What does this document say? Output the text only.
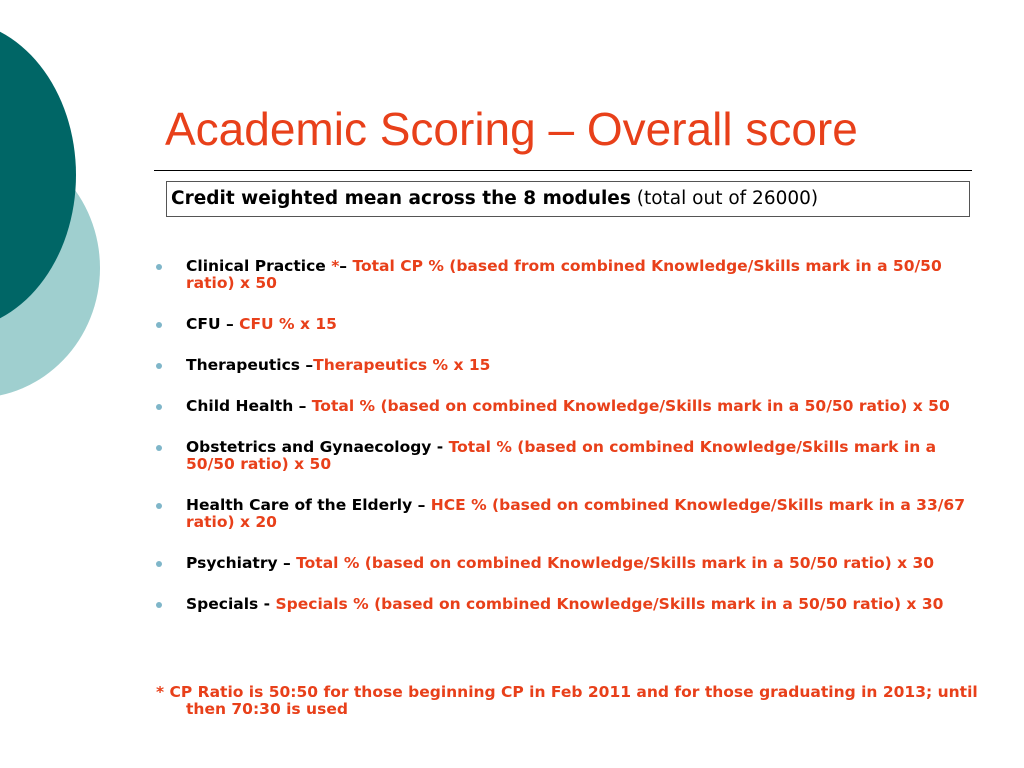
Academic Scoring – Overall score
Credit weighted mean across the 8 modules (total out of 26000)
Clinical Practice *– Total CP % (based from combined Knowledge/Skills mark in a 50/50 ratio) x 50
CFU – CFU % x 15
Therapeutics –Therapeutics % x 15
Child Health – Total % (based on combined Knowledge/Skills mark in a 50/50 ratio) x 50
Obstetrics and Gynaecology - Total % (based on combined Knowledge/Skills mark in a 50/50 ratio) x 50
Health Care of the Elderly – HCE % (based on combined Knowledge/Skills mark in a 33/67 ratio) x 20
Psychiatry – Total % (based on combined Knowledge/Skills mark in a 50/50 ratio) x 30
Specials - Specials % (based on combined Knowledge/Skills mark in a 50/50 ratio) x 30

* CP Ratio is 50:50 for those beginning CP in Feb 2011 and for those graduating in 2013; until then 70:30 is used
